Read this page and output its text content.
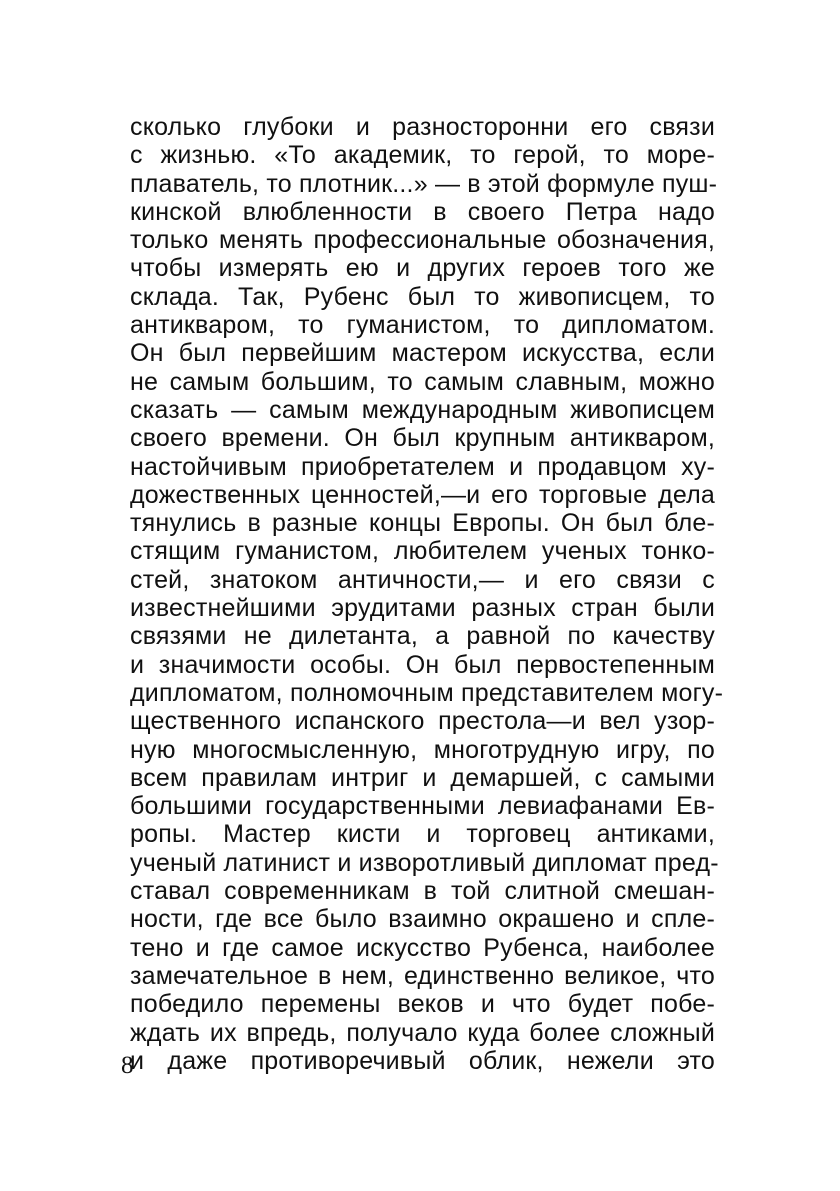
сколько глубоки и разносторонни его связи
с жизнью. «То академик, то герой, то море-
плаватель, то плотник...» — в этой формуле пуш-
кинской влюбленности в своего Петра надо
только менять профессиональные обозначения,
чтобы измерять ею и других героев того же
склада. Так, Рубенс был то живописцем, то
антикваром, то гуманистом, то дипломатом.
Он был первейшим мастером искусства, если
не самым большим, то самым славным, можно
сказать — самым международным живописцем
своего времени. Он был крупным антикваром,
настойчивым приобретателем и продавцом ху-
дожественных ценностей,—и его торговые дела
тянулись в разные концы Европы. Он был бле-
стящим гуманистом, любителем ученых тонко-
стей, знатоком античности,— и его связи с
известнейшими эрудитами разных стран были
связями не дилетанта, а равной по качеству
и значимости особы. Он был первостепенным
дипломатом, полномочным представителем могу-
щественного испанского престола—и вел узор-
ную многосмысленную, многотрудную игру, по
всем правилам интриг и демаршей, с самыми
большими государственными левиафанами Ев-
ропы. Мастер кисти и торговец антиками,
ученый латинист и изворотливый дипломат пред-
ставал современникам в той слитной смешан-
ности, где все было взаимно окрашено и спле-
тено и где самое искусство Рубенса, наиболее
замечательное в нем, единственно великое, что
победило перемены веков и что будет побе-
ждать их впредь, получало куда более сложный
и даже противоречивый облик, нежели это
8
